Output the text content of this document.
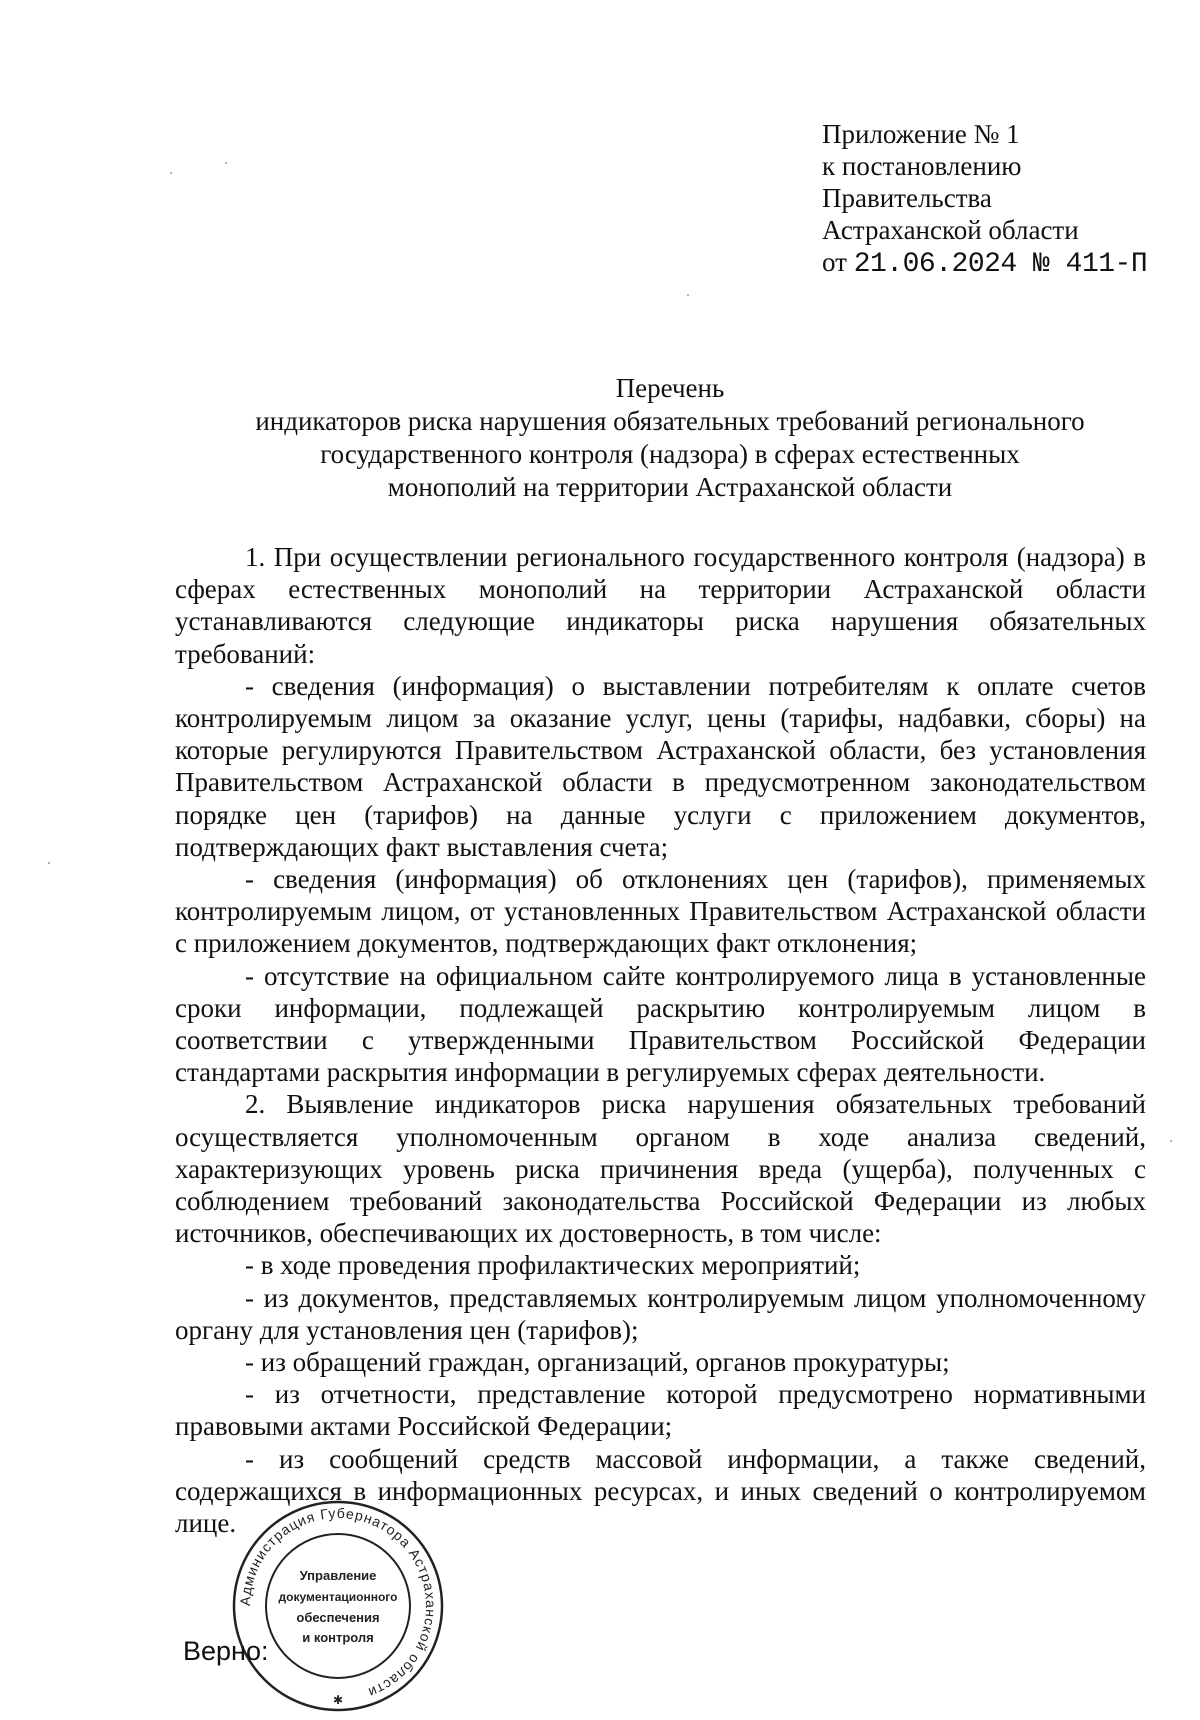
Приложение № 1
к постановлению
Правительства
Астраханской области
от 21.06.2024 № 411-П
Перечень
индикаторов риска нарушения обязательных требований регионального
государственного контроля (надзора) в сферах естественных
монополий на территории Астраханской области

1. При осуществлении регионального государственного контроля (надзора) в сферах естественных монополий на территории Астраханской области устанавливаются следующие индикаторы риска нарушения обязательных требований:

- сведения (информация) о выставлении потребителям к оплате счетов контролируемым лицом за оказание услуг, цены (тарифы, надбавки, сборы) на которые регулируются Правительством Астраханской области, без установления Правительством Астраханской области в предусмотренном законодательством порядке цен (тарифов) на данные услуги с приложением документов, подтверждающих факт выставления счета;

- сведения (информация) об отклонениях цен (тарифов), применяемых контролируемым лицом, от установленных Правительством Астраханской области с приложением документов, подтверждающих факт отклонения;

- отсутствие на официальном сайте контролируемого лица в установленные сроки информации, подлежащей раскрытию контролируемым лицом в соответствии с утвержденными Правительством Российской Федерации стандартами раскрытия информации в регулируемых сферах деятельности.

2. Выявление индикаторов риска нарушения обязательных требований осуществляется уполномоченным органом в ходе анализа сведений, характеризующих уровень риска причинения вреда (ущерба), полученных с соблюдением требований законодательства Российской Федерации из любых источников, обеспечивающих их достоверность, в том числе:

- в ходе проведения профилактических мероприятий;

- из документов, представляемых контролируемым лицом уполномоченному органу для установления цен (тарифов);

- из обращений граждан, организаций, органов прокуратуры;

- из отчетности, представление которой предусмотрено нормативными правовыми актами Российской Федерации;

- из сообщений средств массовой информации, а также сведений, содержащихся в информационных ресурсах, и иных сведений о контролируемом лице.

Администрация Губернатора Астраханской области
Управление
документационного
обеспечения
и контроля
✱
Верно:
